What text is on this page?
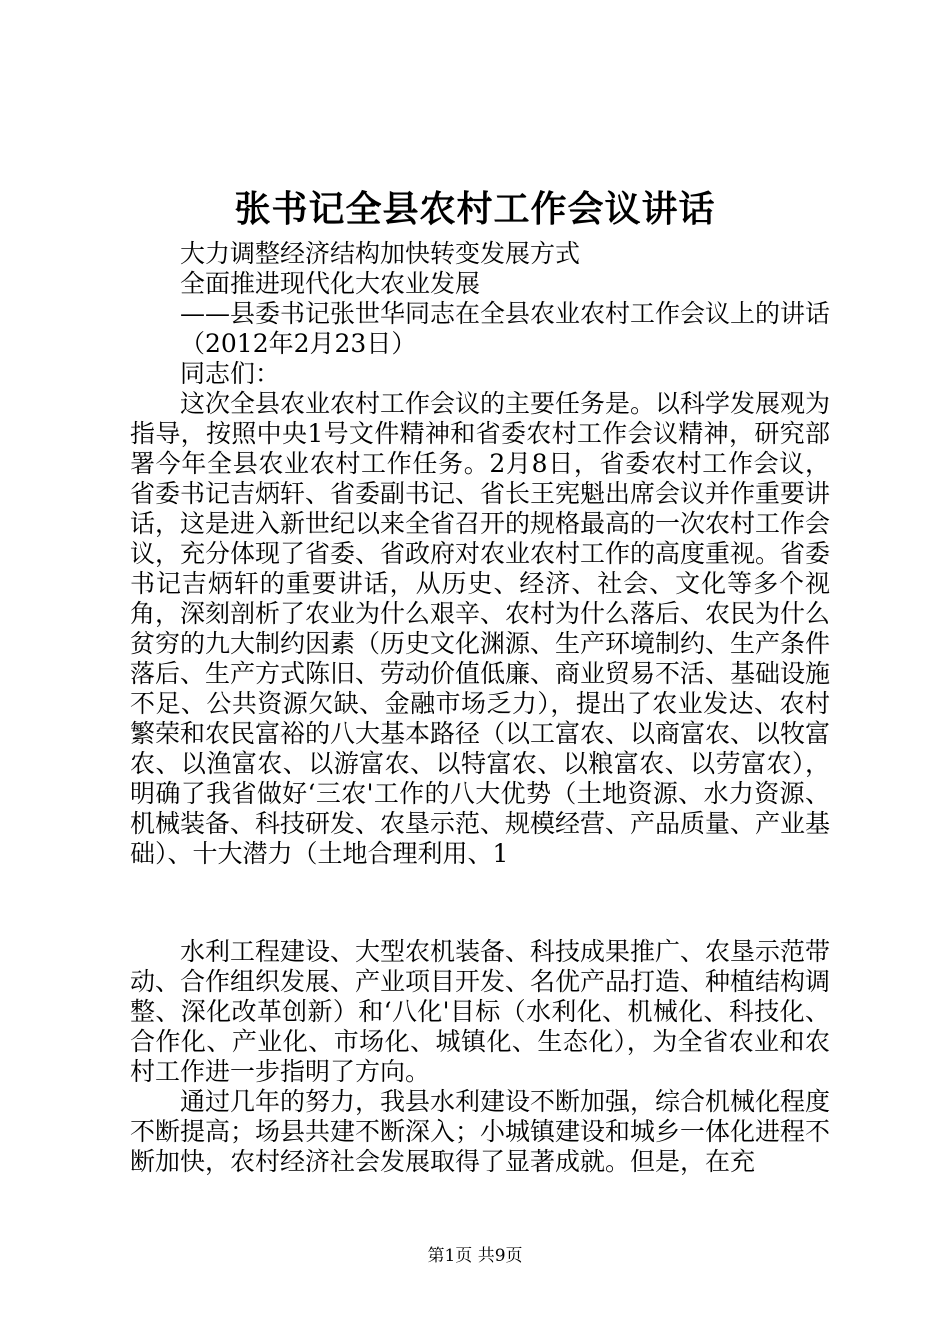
张书记全县农村工作会议讲话

大力调整经济结构加快转变发展方式

全面推进现代化大农业发展

——县委书记张世华同志在全县农业农村工作会议上的讲话

（2012年2月23日）

同志们：

这次全县农业农村工作会议的主要任务是。以科学发展观为指导，按照中央1号文件精神和省委农村工作会议精神，研究部署今年全县农业农村工作任务。2月8日，省委农村工作会议，省委书记吉炳轩、省委副书记、省长王宪魁出席会议并作重要讲话，这是进入新世纪以来全省召开的规格最高的一次农村工作会议，充分体现了省委、省政府对农业农村工作的高度重视。省委书记吉炳轩的重要讲话，从历史、经济、社会、文化等多个视角，深刻剖析了农业为什么艰辛、农村为什么落后、农民为什么贫穷的九大制约因素（历史文化渊源、生产环境制约、生产条件落后、生产方式陈旧、劳动价值低廉、商业贸易不活、基础设施不足、公共资源欠缺、金融市场乏力），提出了农业发达、农村繁荣和农民富裕的八大基本路径（以工富农、以商富农、以牧富农、以渔富农、以游富农、以特富农、以粮富农、以劳富农），明确了我省做好‘三农'工作的八大优势（土地资源、水力资源、机械装备、科技研发、农垦示范、规模经营、产品质量、产业基础）、十大潜力（土地合理利用、1

水利工程建设、大型农机装备、科技成果推广、农垦示范带动、合作组织发展、产业项目开发、名优产品打造、种植结构调整、深化改革创新）和‘八化'目标（水利化、机械化、科技化、合作化、产业化、市场化、城镇化、生态化），为全省农业和农村工作进一步指明了方向。

通过几年的努力，我县水利建设不断加强，综合机械化程度不断提高；场县共建不断深入；小城镇建设和城乡一体化进程不断加快，农村经济社会发展取得了显著成就。但是，在充

第1页 共9页
